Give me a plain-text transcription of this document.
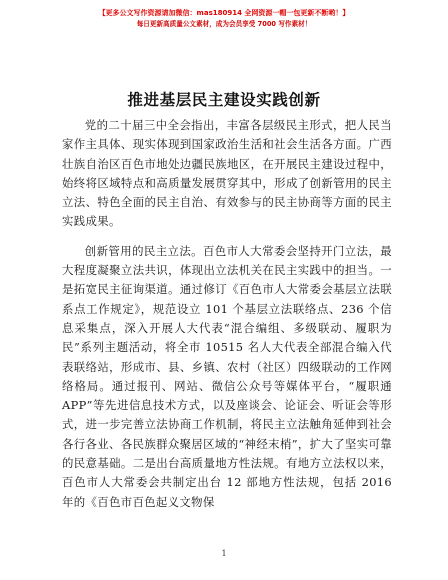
【更多公文写作资源请加微信：mas180914 全网资源一帽一包更新不断哟！】
每日更新高质量公文素材，成为会员享受 7000 写作素材！
推进基层民主建设实践创新

党的二十届三中全会指出，丰富各层级民主形式，把人民当家作主具体、现实体现到国家政治生活和社会生活各方面。广西壮族自治区百色市地处边疆民族地区，在开展民主建设过程中，始终将区域特点和高质量发展贯穿其中，形成了创新管用的民主立法、特色全面的民主自治、有效参与的民主协商等方面的民主实践成果。

创新管用的民主立法。百色市人大常委会坚持开门立法，最大程度凝聚立法共识，体现出立法机关在民主实践中的担当。一是拓宽民主征询渠道。通过修订《百色市人大常委会基层立法联系点工作规定》，规范设立 101 个基层立法联络点、236 个信息采集点，深入开展人大代表“混合编组、多级联动、履职为民”系列主题活动，将全市 10515 名人大代表全部混合编入代表联络站，形成市、县、乡镇、农村（社区）四级联动的工作网络格局。通过报刊、网站、微信公众号等媒体平台，“履职通 APP”等先进信息技术方式，以及座谈会、论证会、听证会等形式，进一步完善立法协商工作机制，将民主立法触角延伸到社会各行各业、各民族群众聚居区域的“神经末梢”，扩大了坚实可靠的民意基础。二是出台高质量地方性法规。有地方立法权以来，百色市人大常委会共制定出台 12 部地方性法规，包括 2016 年的《百色市百色起义文物保

1
